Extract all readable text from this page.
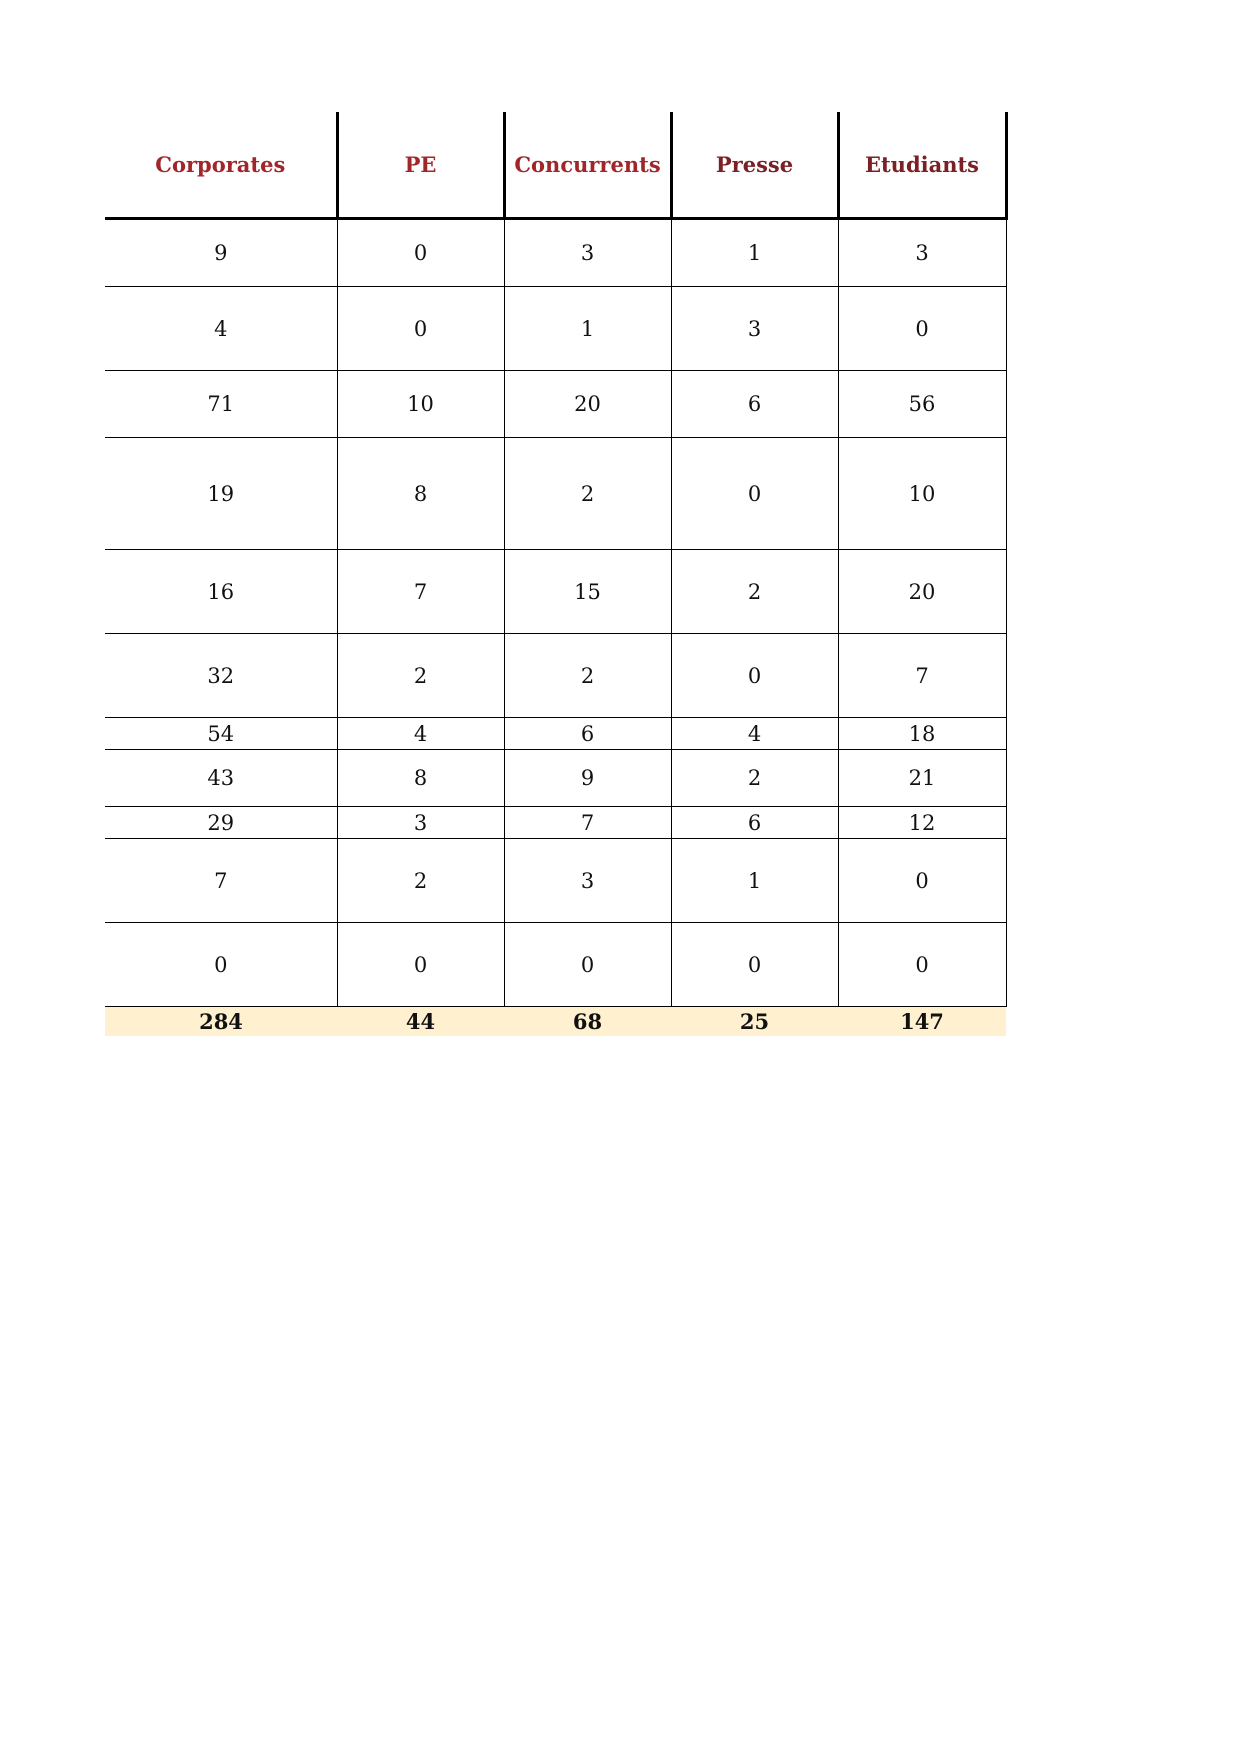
Corporates	PE	Concurrents	Presse	Etudiants
9	0	3	1	3
4	0	1	3	0
71	10	20	6	56
19	8	2	0	10
16	7	15	2	20
32	2	2	0	7
54	4	6	4	18
43	8	9	2	21
29	3	7	6	12
7	2	3	1	0
0	0	0	0	0
284	44	68	25	147
